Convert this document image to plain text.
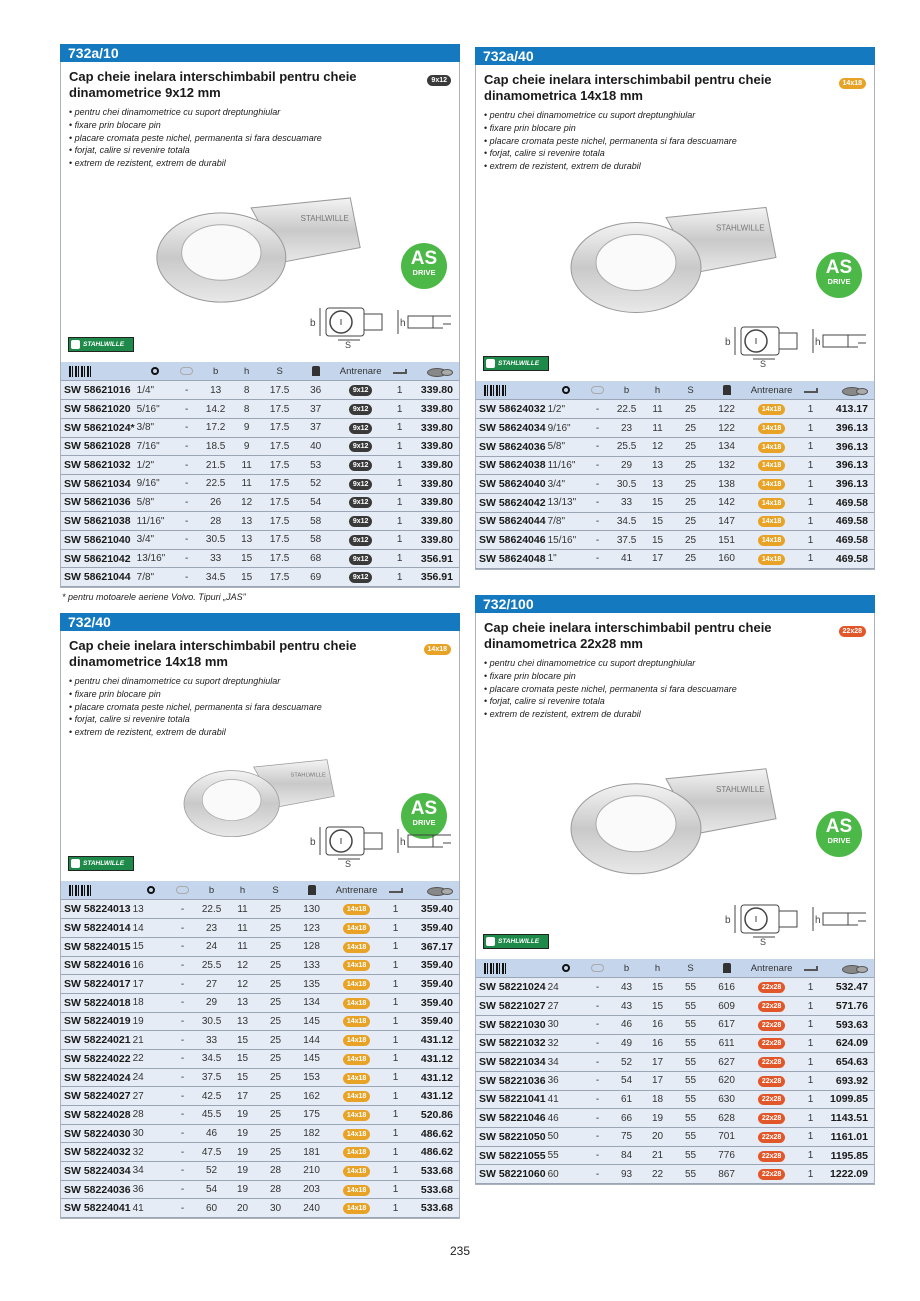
732a/10
Cap cheie inelara interschimbabil pentru cheie
dinamometrice 9x12 mm
9x12
• pentru chei dinamometrice cu suport dreptunghiular
• fixare prin blocare pin
• placare cromata peste nichel, permanenta si fara descuamare
• forjat, calire si revenire totala
• extrem de rezistent, extrem de durabil
STAHLWILLE
AS
DRIVE
b
S
h
STAHLWILLE
			b	h	S		Antrenare		
SW 58621016	1/4"	-	13	8	17.5	36	9x12	1	339.80
SW 58621020	5/16"	-	14.2	8	17.5	37	9x12	1	339.80
SW 58621024*	3/8"	-	17.2	9	17.5	37	9x12	1	339.80
SW 58621028	7/16"	-	18.5	9	17.5	40	9x12	1	339.80
SW 58621032	1/2"	-	21.5	11	17.5	53	9x12	1	339.80
SW 58621034	9/16"	-	22.5	11	17.5	52	9x12	1	339.80
SW 58621036	5/8"	-	26	12	17.5	54	9x12	1	339.80
SW 58621038	11/16"	-	28	13	17.5	58	9x12	1	339.80
SW 58621040	3/4"	-	30.5	13	17.5	58	9x12	1	339.80
SW 58621042	13/16"	-	33	15	17.5	68	9x12	1	356.91
SW 58621044	7/8"	-	34.5	15	17.5	69	9x12	1	356.91
* pentru motoarele aeriene Volvo. Tipuri „JAS”
732/40
Cap cheie inelara interschimbabil pentru cheie
dinamometrice 14x18 mm
14x18
• pentru chei dinamometrice cu suport dreptunghiular
• fixare prin blocare pin
• placare cromata peste nichel, permanenta si fara descuamare
• forjat, calire si revenire totala
• extrem de rezistent, extrem de durabil
STAHLWILLE
AS
DRIVE
b
S
h
STAHLWILLE
			b	h	S		Antrenare		
SW 58224013	13	-	22.5	11	25	130	14x18	1	359.40
SW 58224014	14	-	23	11	25	123	14x18	1	359.40
SW 58224015	15	-	24	11	25	128	14x18	1	367.17
SW 58224016	16	-	25.5	12	25	133	14x18	1	359.40
SW 58224017	17	-	27	12	25	135	14x18	1	359.40
SW 58224018	18	-	29	13	25	134	14x18	1	359.40
SW 58224019	19	-	30.5	13	25	145	14x18	1	359.40
SW 58224021	21	-	33	15	25	144	14x18	1	431.12
SW 58224022	22	-	34.5	15	25	145	14x18	1	431.12
SW 58224024	24	-	37.5	15	25	153	14x18	1	431.12
SW 58224027	27	-	42.5	17	25	162	14x18	1	431.12
SW 58224028	28	-	45.5	19	25	175	14x18	1	520.86
SW 58224030	30	-	46	19	25	182	14x18	1	486.62
SW 58224032	32	-	47.5	19	25	181	14x18	1	486.62
SW 58224034	34	-	52	19	28	210	14x18	1	533.68
SW 58224036	36	-	54	19	28	203	14x18	1	533.68
SW 58224041	41	-	60	20	30	240	14x18	1	533.68
732a/40
Cap cheie inelara interschimbabil pentru cheie
dinamometrica 14x18 mm
14x18
• pentru chei dinamometrice cu suport dreptunghiular
• fixare prin blocare pin
• placare cromata peste nichel, permanenta si fara descuamare
• forjat, calire si revenire totala
• extrem de rezistent, extrem de durabil
STAHLWILLE
AS
DRIVE
b
S
h
STAHLWILLE
			b	h	S		Antrenare		
SW 58624032	1/2"	-	22.5	11	25	122	14x18	1	413.17
SW 58624034	9/16"	-	23	11	25	122	14x18	1	396.13
SW 58624036	5/8"	-	25.5	12	25	134	14x18	1	396.13
SW 58624038	11/16"	-	29	13	25	132	14x18	1	396.13
SW 58624040	3/4"	-	30.5	13	25	138	14x18	1	396.13
SW 58624042	13/13"	-	33	15	25	142	14x18	1	469.58
SW 58624044	7/8"	-	34.5	15	25	147	14x18	1	469.58
SW 58624046	15/16"	-	37.5	15	25	151	14x18	1	469.58
SW 58624048	1"	-	41	17	25	160	14x18	1	469.58
732/100
Cap cheie inelara interschimbabil pentru cheie
dinamometrica 22x28 mm
22x28
• pentru chei dinamometrice cu suport dreptunghiular
• fixare prin blocare pin
• placare cromata peste nichel, permanenta si fara descuamare
• forjat, calire si revenire totala
• extrem de rezistent, extrem de durabil
STAHLWILLE
AS
DRIVE
b
S
h
STAHLWILLE
			b	h	S		Antrenare		
SW 58221024	24	-	43	15	55	616	22x28	1	532.47
SW 58221027	27	-	43	15	55	609	22x28	1	571.76
SW 58221030	30	-	46	16	55	617	22x28	1	593.63
SW 58221032	32	-	49	16	55	611	22x28	1	624.09
SW 58221034	34	-	52	17	55	627	22x28	1	654.63
SW 58221036	36	-	54	17	55	620	22x28	1	693.92
SW 58221041	41	-	61	18	55	630	22x28	1	1099.85
SW 58221046	46	-	66	19	55	628	22x28	1	1143.51
SW 58221050	50	-	75	20	55	701	22x28	1	1161.01
SW 58221055	55	-	84	21	55	776	22x28	1	1195.85
SW 58221060	60	-	93	22	55	867	22x28	1	1222.09
235
